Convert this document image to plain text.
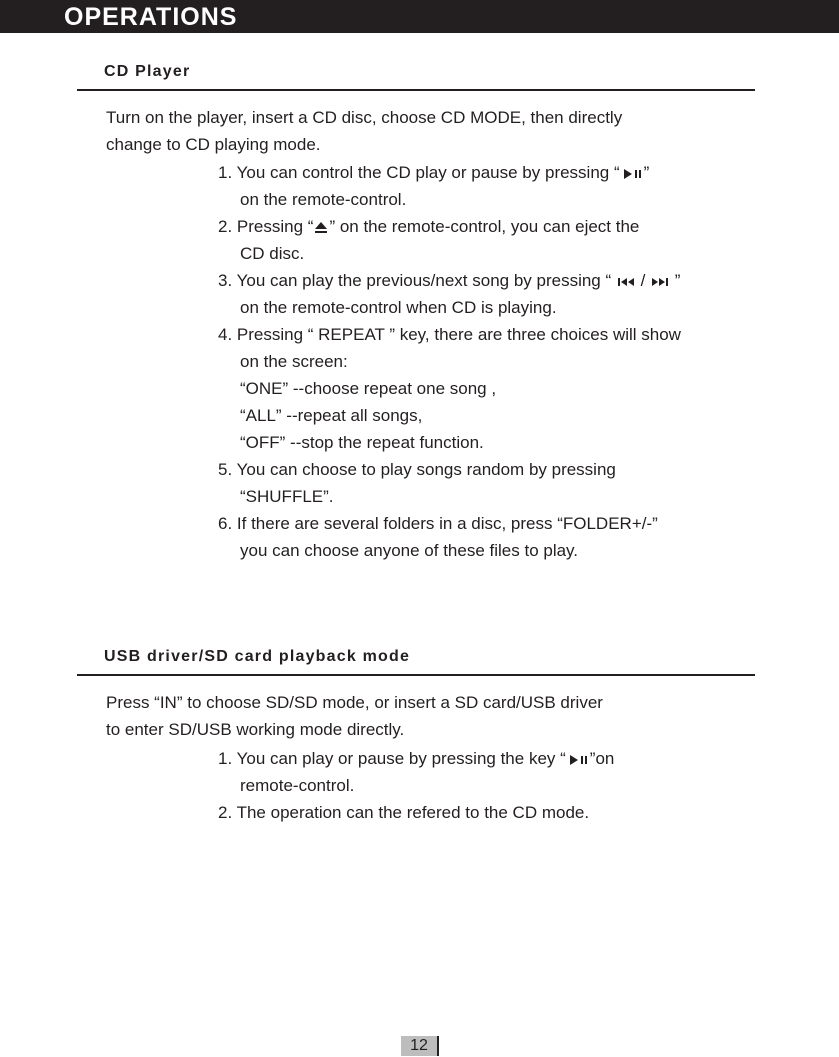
OPERATIONS
CD Player
Turn on the player, insert a CD disc, choose CD MODE, then directly
change to CD playing mode.
1. You can control the CD play or pause by pressing “ ”
on the remote-control.
2. Pressing “ ” on the remote-control, you can eject the
CD disc.
3. You can play the previous/next song by pressing “  /  ”
on the remote-control when CD is playing.
4. Pressing “ REPEAT ” key, there are three choices will show
on the screen:
“ONE” --choose repeat one song ,
“ALL” --repeat all songs,
“OFF” --stop the repeat function.
5. You can choose to play songs random by pressing
“SHUFFLE”.
6. If there are several folders in a disc, press “FOLDER+/-”
you can choose anyone of these files to play.
USB driver/SD card playback mode
Press “IN” to choose SD/SD mode, or insert a SD card/USB driver
to enter SD/USB working mode directly.
1. You can play or pause by pressing the key “ ”on
remote-control.
2. The operation can the refered to the CD mode.
12
